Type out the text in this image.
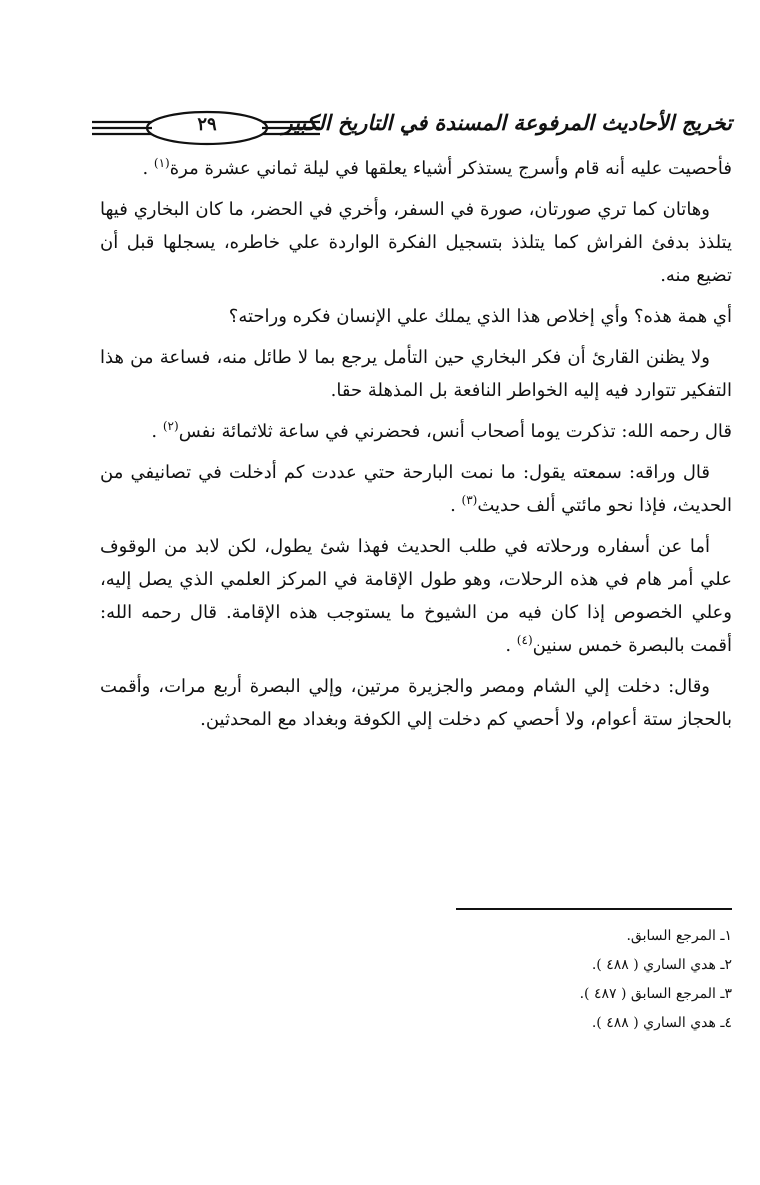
٢٩	تخريج الأحاديث المرفوعة المسندة في التاريخ الكبير

فأحصيت عليه أنه قام وأسرج يستذكر أشياء يعلقها في ليلة ثماني عشرة مرة$^{(١)}$ .

وهاتان كما تري صورتان، صورة في السفر، وأخري في الحضر، ما كان البخاري فيها يتلذذ بدفئ الفراش كما يتلذذ بتسجيل الفكرة الواردة علي خاطره، يسجلها قبل أن تضيع منه.

أي همة هذه؟ وأي إخلاص هذا الذي يملك علي الإنسان فكره وراحته؟

ولا يظنن القارئ أن فكر البخاري حين التأمل يرجع بما لا طائل منه، فساعة من هذا التفكير تتوارد فيه إليه الخواطر النافعة بل المذهلة حقا.

قال رحمه الله: تذكرت يوما أصحاب أنس، فحضرني في ساعة ثلاثمائة نفس$^{(٢)}$ .

قال وراقه: سمعته يقول: ما نمت البارحة حتي عددت كم أدخلت في تصانيفي من الحديث، فإذا نحو مائتي ألف حديث$^{(٣)}$ .

أما عن أسفاره ورحلاته في طلب الحديث فهذا شئ يطول، لكن لابد من الوقوف علي أمر هام في هذه الرحلات، وهو طول الإقامة في المركز العلمي الذي يصل إليه، وعلي الخصوص إذا كان فيه من الشيوخ ما يستوجب هذه الإقامة. قال رحمه الله: أقمت بالبصرة خمس سنين$^{(٤)}$ .

وقال: دخلت إلي الشام ومصر والجزيرة مرتين، وإلي البصرة أربع مرات، وأقمت بالحجاز ستة أعوام، ولا أحصي كم دخلت إلي الكوفة وبغداد مع المحدثين.

١ـ المرجع السابق.
٢ـ هدي الساري ( ٤٨٨ ).
٣ـ المرجع السابق ( ٤٨٧ ).
٤ـ هدي الساري ( ٤٨٨ ).
